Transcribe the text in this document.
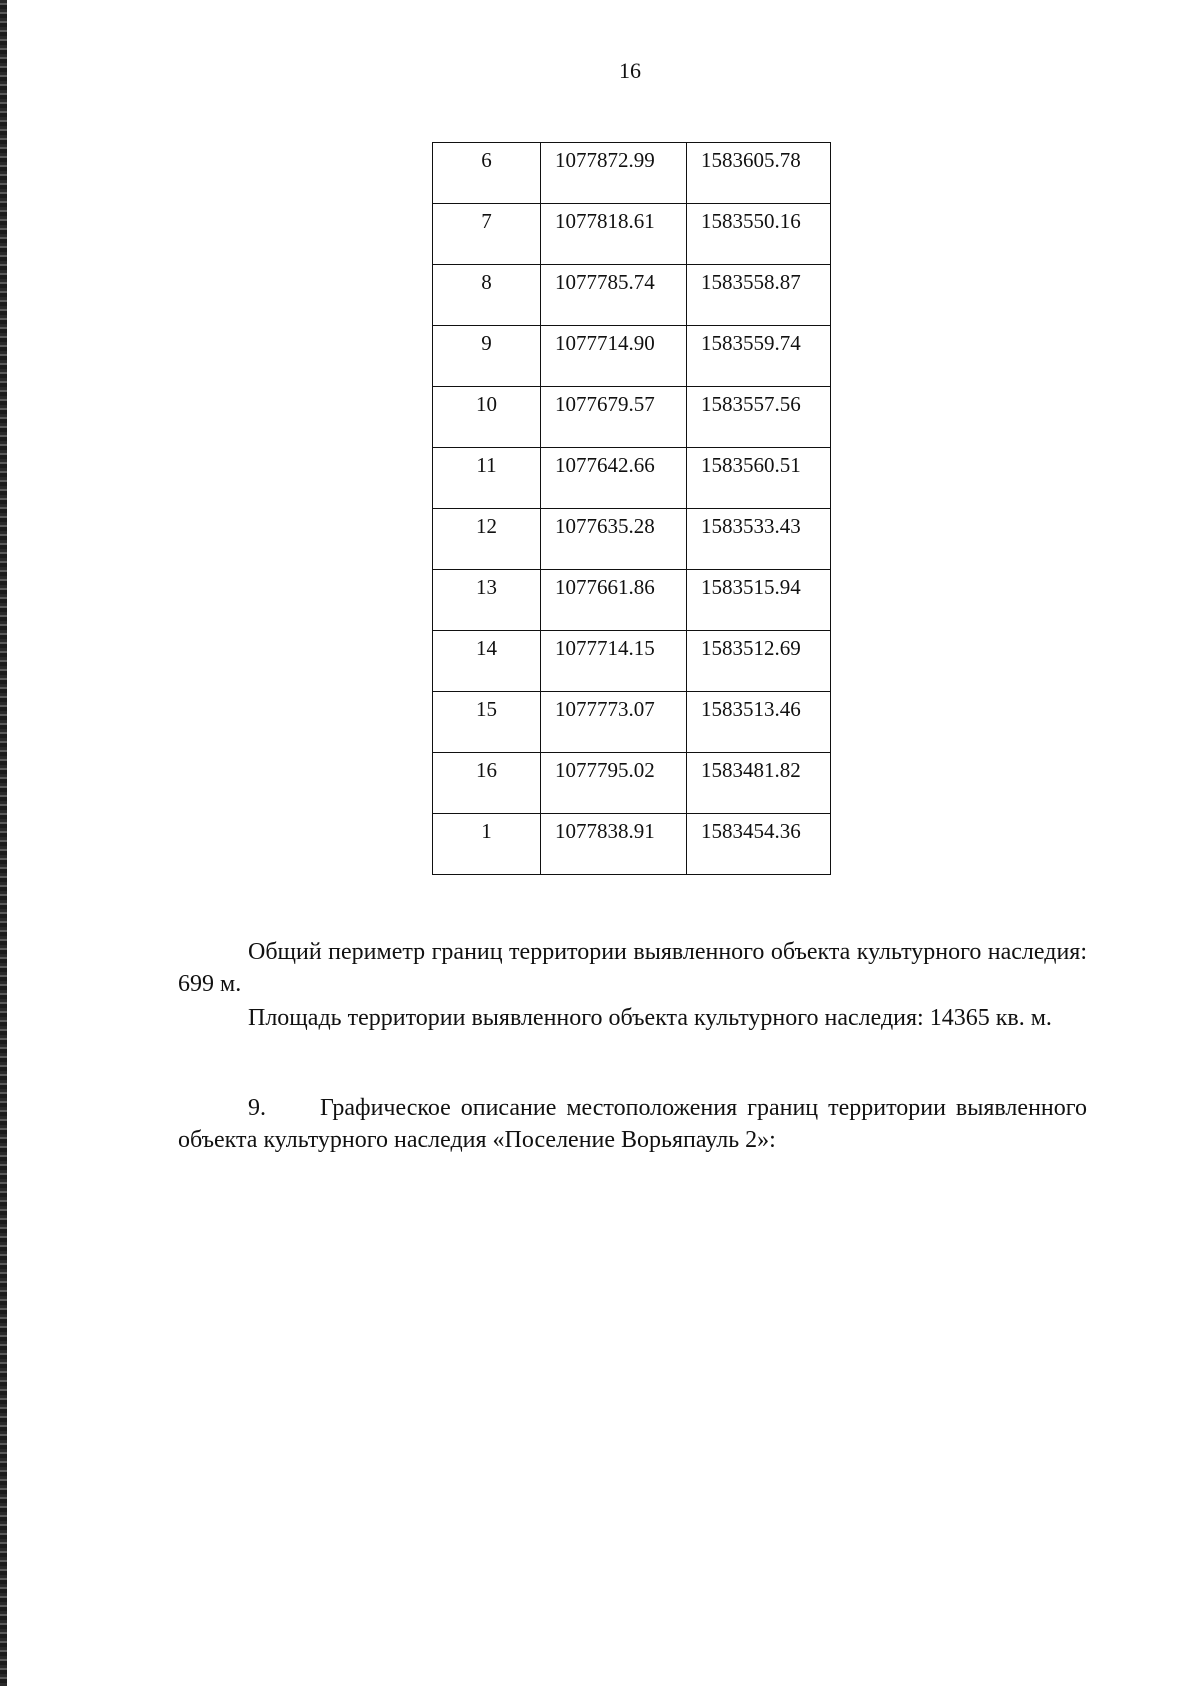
16
6	1077872.99	1583605.78
7	1077818.61	1583550.16
8	1077785.74	1583558.87
9	1077714.90	1583559.74
10	1077679.57	1583557.56
11	1077642.66	1583560.51
12	1077635.28	1583533.43
13	1077661.86	1583515.94
14	1077714.15	1583512.69
15	1077773.07	1583513.46
16	1077795.02	1583481.82
1	1077838.91	1583454.36
Общий периметр границ территории выявленного объекта культурного наследия: 699 м.
Площадь территории выявленного объекта культурного наследия: 14365 кв. м.
9. Графическое описание местоположения границ территории выявленного объекта культурного наследия «Поселение Ворьяпауль 2»:
